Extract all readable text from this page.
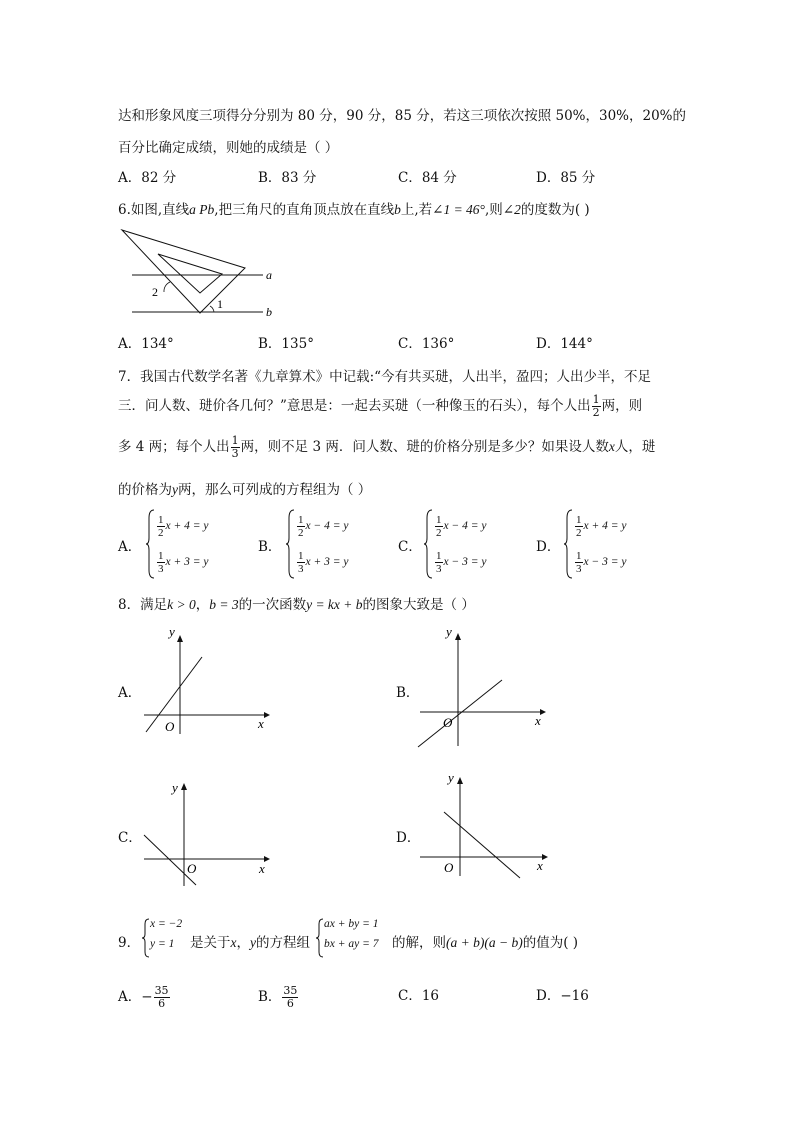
达和形象风度三项得分分别为 80 分，90 分，85 分，若这三项依次按照 50%，30%，20%的
百分比确定成绩，则她的成绩是（ ）
A．82 分	B．83 分	C．84 分	D．85 分
6.如图,直线a Pb,把三角尺的直角顶点放在直线b上,若∠1 = 46°,则∠2的度数为( )
a
b
1
2
A．134°	B．135°	C．136°	D．144°
7．我国古代数学名著《九章算术》中记载:“今有共买琎，人出半，盈四；人出少半，不足
三．问人数、琎价各几何？”意思是：一起去买琎（一种像玉的石头），每个人出 $\frac{1}{2}$ 两，则
多 4 两；每个人出 $\frac{1}{3}$ 两，则不足 3 两．问人数、琎的价格分别是多少？如果设人数x人，琎
的价格为y两，那么可列成的方程组为（ ）
A．
$\frac{1}{2}$ x + 4 = y
$\frac{1}{3}$ x + 3 = y
B．
$\frac{1}{2}$ x − 4 = y
$\frac{1}{3}$ x + 3 = y
C．
$\frac{1}{2}$ x − 4 = y
$\frac{1}{3}$ x − 3 = y
D．
$\frac{1}{2}$ x + 4 = y
$\frac{1}{3}$ x − 3 = y
8．满足k > 0，b = 3的一次函数y = kx + b的图象大致是（ ）
A．
y
x
O
B．
y
x
O
C．
y
x
O
D．
y
x
O
9．
x = −2
y = 1 是关于x，y的方程组
ax + by = 1
bx + ay = 7 的解，则(a + b)(a − b)的值为( )
A．− $\frac{35}{6}$	B． $\frac{35}{6}$	C．16	D．−16
